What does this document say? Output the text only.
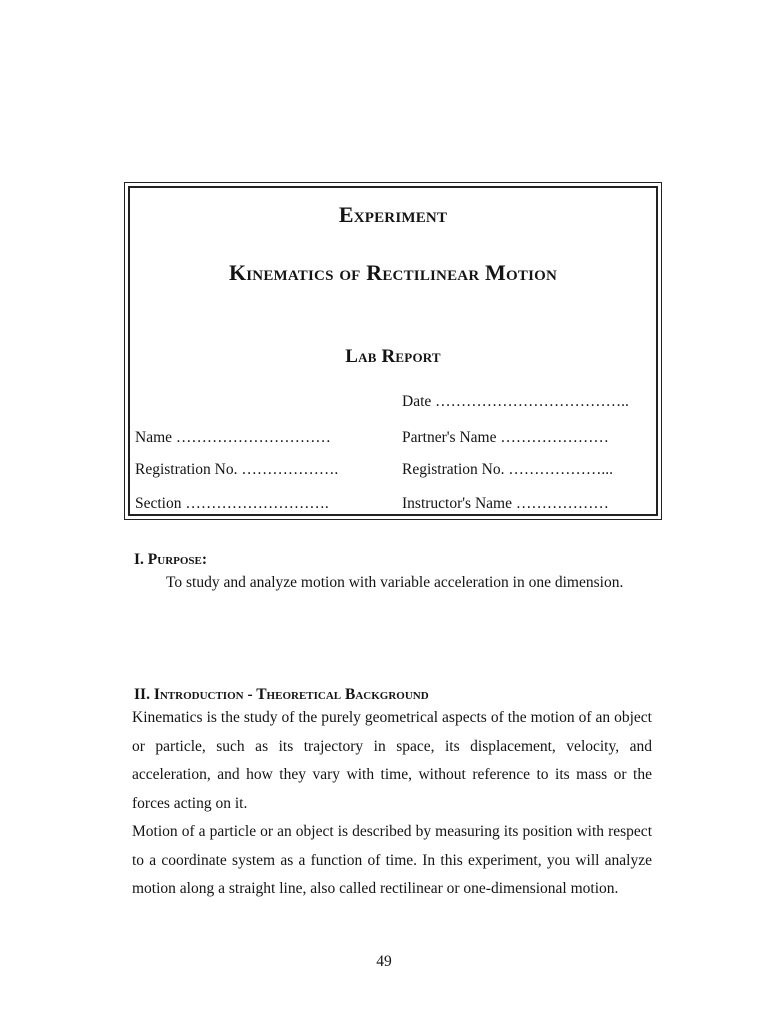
Experiment
Kinematics of Rectilinear Motion
Lab Report
Date ………………………………..
Name …………………………	Partner's Name …………………
Registration No. ……………….	Registration No. ………………...
Section ……………………….	Instructor's Name ………………
I. Purpose:

To study and analyze motion with variable acceleration in one dimension.

II. Introduction - Theoretical Background
Kinematics is the study of the purely geometrical aspects of the motion of an object or particle, such as its trajectory in space, its displacement, velocity, and acceleration, and how they vary with time, without reference to its mass or the forces acting on it.
Motion of a particle or an object is described by measuring its position with respect to a coordinate system as a function of time. In this experiment, you will analyze motion along a straight line, also called rectilinear or one-dimensional motion.
49
